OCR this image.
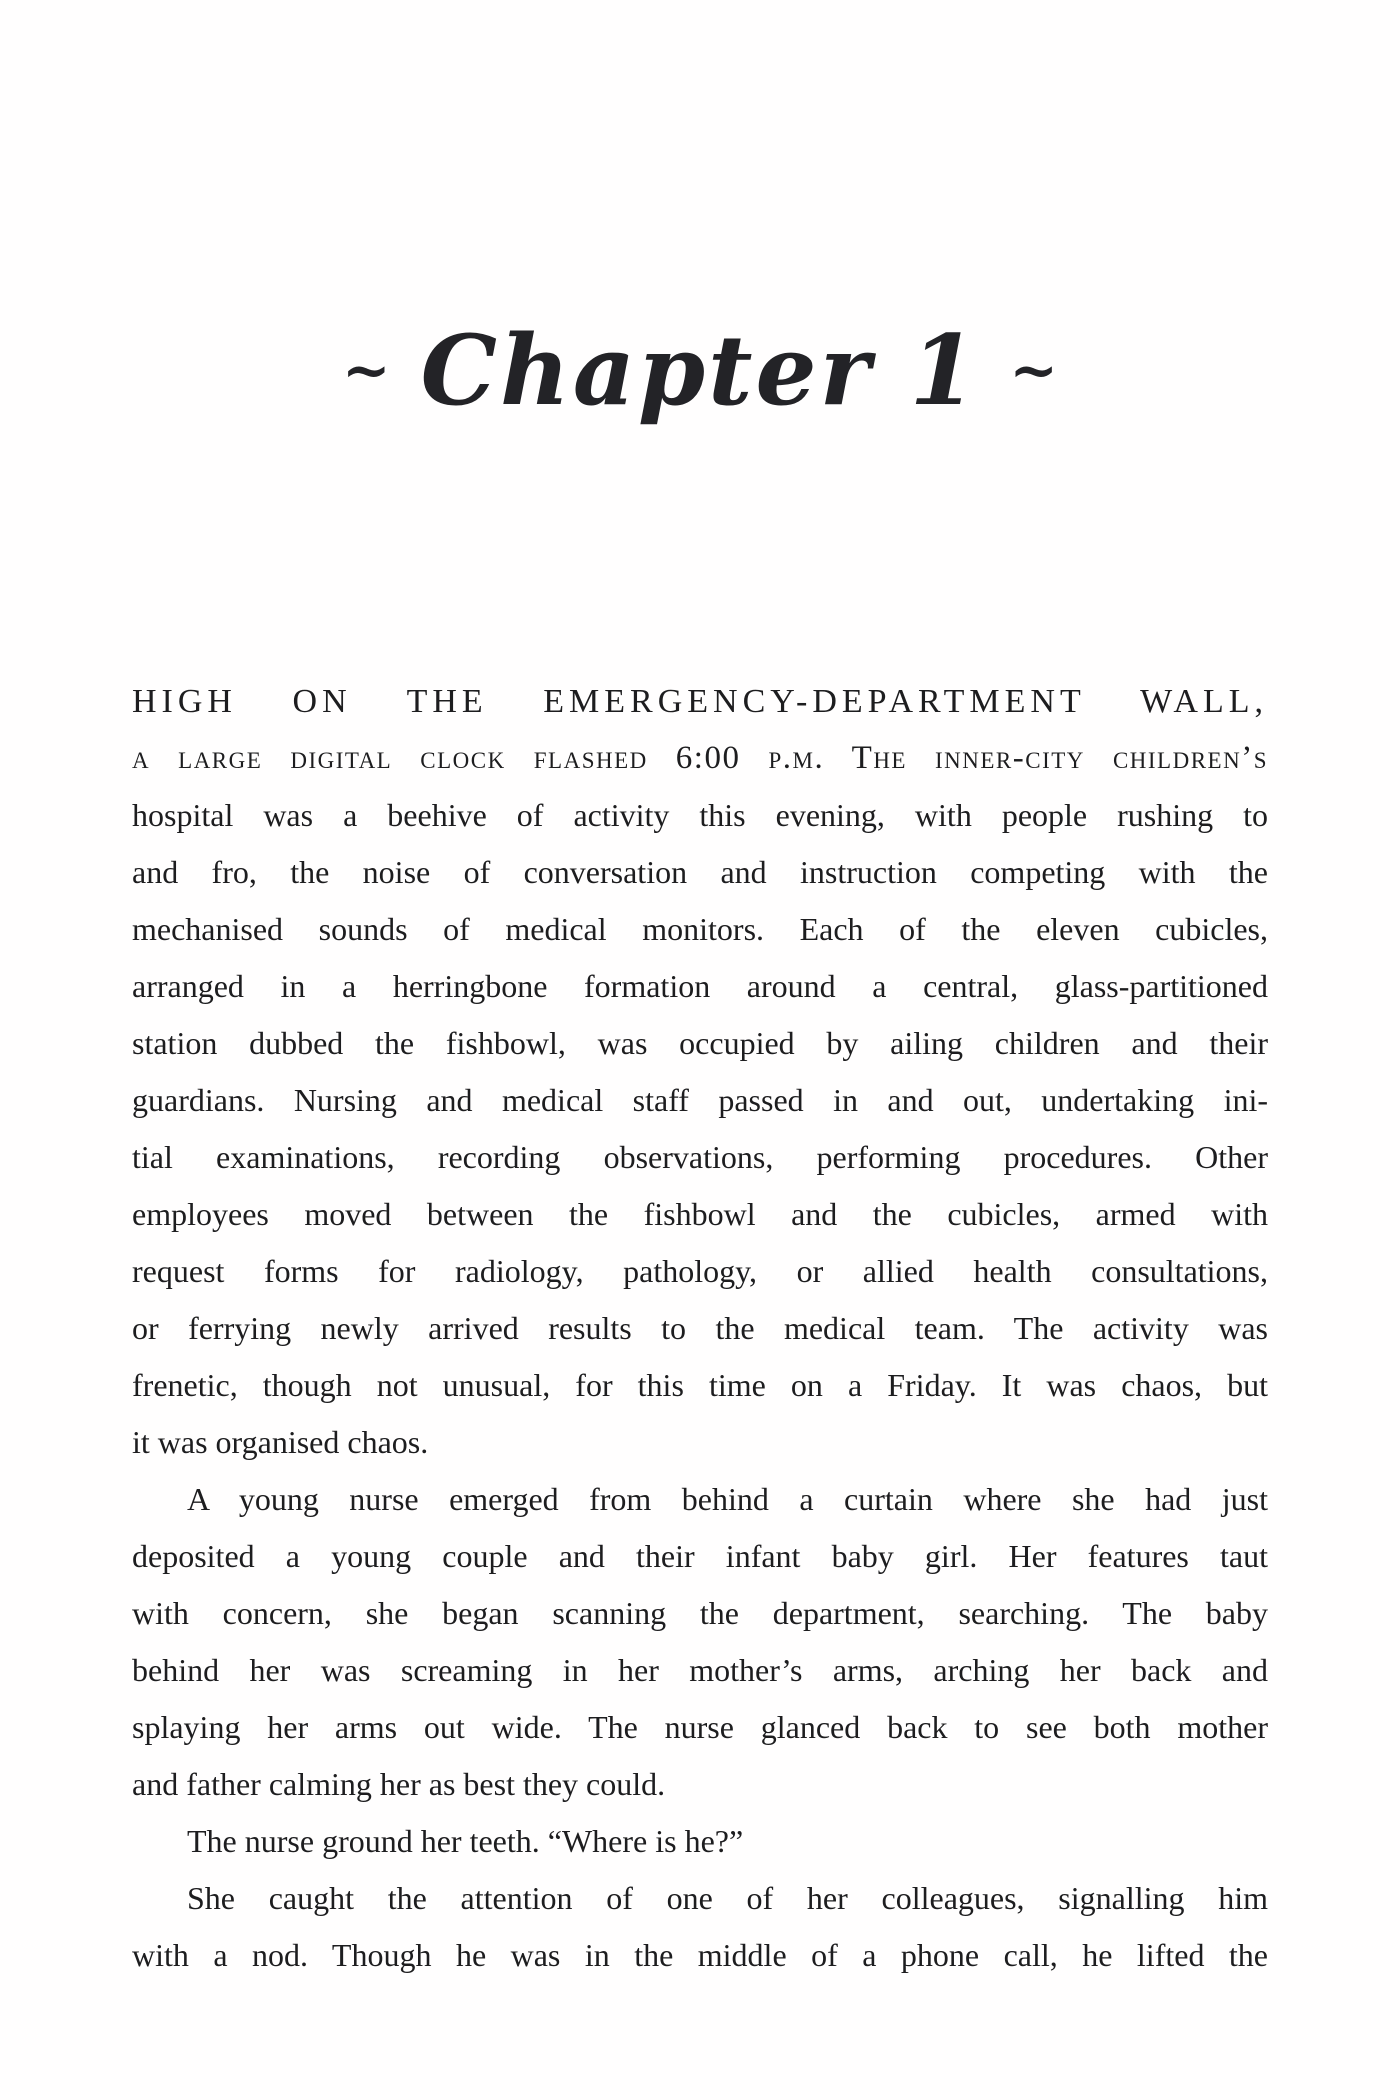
~ Chapter 1 ~
HIGH ON THE EMERGENCY-DEPARTMENT WALL,
a large digital clock flashed 6:00 p.m. The inner-city children’s
hospital was a beehive of activity this evening, with people rushing to
and fro, the noise of conversation and instruction competing with the
mechanised sounds of medical monitors. Each of the eleven cubicles,
arranged in a herringbone formation around a central, glass-partitioned
station dubbed the fishbowl, was occupied by ailing children and their
guardians. Nursing and medical staff passed in and out, undertaking ini-
tial examinations, recording observations, performing procedures. Other
employees moved between the fishbowl and the cubicles, armed with
request forms for radiology, pathology, or allied health consultations,
or ferrying newly arrived results to the medical team. The activity was
frenetic, though not unusual, for this time on a Friday. It was chaos, but
it was organised chaos.
A young nurse emerged from behind a curtain where she had just
deposited a young couple and their infant baby girl. Her features taut
with concern, she began scanning the department, searching. The baby
behind her was screaming in her mother’s arms, arching her back and
splaying her arms out wide. The nurse glanced back to see both mother
and father calming her as best they could.
The nurse ground her teeth. “Where is he?”
She caught the attention of one of her colleagues, signalling him
with a nod. Though he was in the middle of a phone call, he lifted the
